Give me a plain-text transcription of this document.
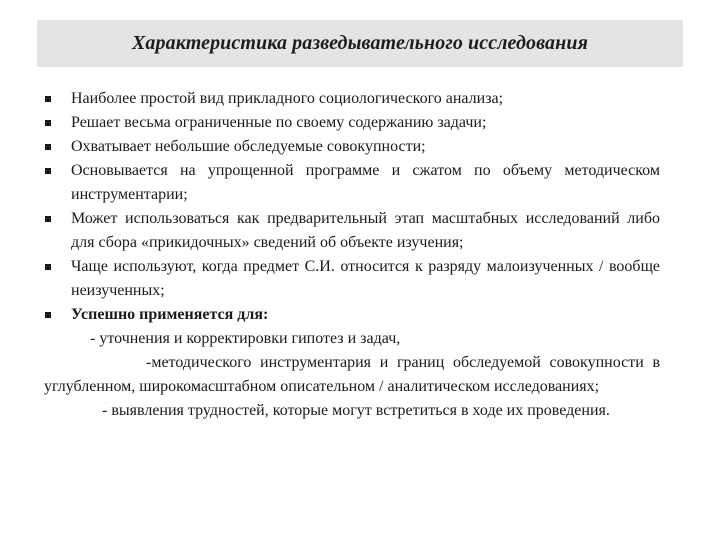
Характеристика разведывательного исследования
Наиболее простой вид прикладного социологического анализа;
Решает весьма ограниченные по своему содержанию задачи;
Охватывает небольшие обследуемые совокупности;
Основывается на упрощенной программе и сжатом по объему методическом инструментарии;
Может использоваться как предварительный этап масштабных исследований либо для сбора «прикидочных» сведений об объекте изучения;
Чаще используют, когда предмет С.И. относится к разряду малоизученных / вообще неизученных;
Успешно применяется для:
- уточнения и корректировки гипотез и задач,
-методического инструментария и границ обследуемой совокупности в углубленном, широкомасштабном описательном / аналитическом исследованиях;
- выявления трудностей, которые могут встретиться в ходе их проведения.
